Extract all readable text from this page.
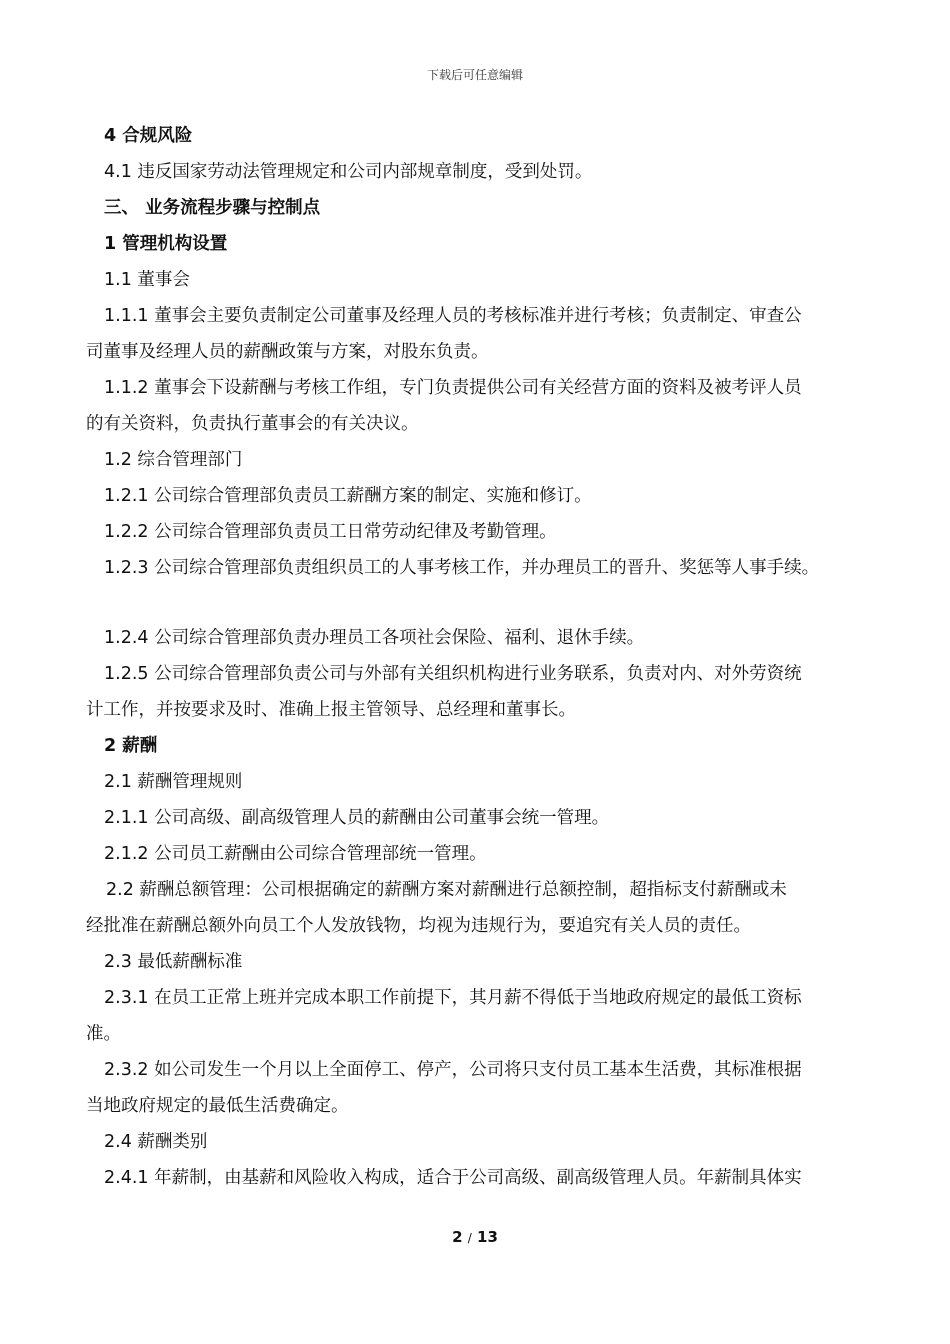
下载后可任意编辑

4 合规风险

4.1 违反国家劳动法管理规定和公司内部规章制度，受到处罚。

三、 业务流程步骤与控制点

1 管理机构设置

1.1 董事会

1.1.1 董事会主要负责制定公司董事及经理人员的考核标准并进行考核；负责制定、审查公

司董事及经理人员的薪酬政策与方案，对股东负责。

1.1.2 董事会下设薪酬与考核工作组，专门负责提供公司有关经营方面的资料及被考评人员

的有关资料，负责执行董事会的有关决议。

1.2 综合管理部门

1.2.1 公司综合管理部负责员工薪酬方案的制定、实施和修订。

1.2.2 公司综合管理部负责员工日常劳动纪律及考勤管理。

1.2.3 公司综合管理部负责组织员工的人事考核工作，并办理员工的晋升、奖惩等人事手续。

1.2.4 公司综合管理部负责办理员工各项社会保险、福利、退休手续。

1.2.5 公司综合管理部负责公司与外部有关组织机构进行业务联系，负责对内、对外劳资统

计工作，并按要求及时、准确上报主管领导、总经理和董事长。

2 薪酬

2.1 薪酬管理规则

2.1.1 公司高级、副高级管理人员的薪酬由公司董事会统一管理。

2.1.2 公司员工薪酬由公司综合管理部统一管理。

2.2 薪酬总额管理：公司根据确定的薪酬方案对薪酬进行总额控制，超指标支付薪酬或未

经批准在薪酬总额外向员工个人发放钱物，均视为违规行为，要追究有关人员的责任。

2.3 最低薪酬标准

2.3.1 在员工正常上班并完成本职工作前提下，其月薪不得低于当地政府规定的最低工资标

准。

2.3.2 如公司发生一个月以上全面停工、停产，公司将只支付员工基本生活费，其标准根据

当地政府规定的最低生活费确定。

2.4 薪酬类别

2.4.1 年薪制，由基薪和风险收入构成，适合于公司高级、副高级管理人员。年薪制具体实

2 / 13
